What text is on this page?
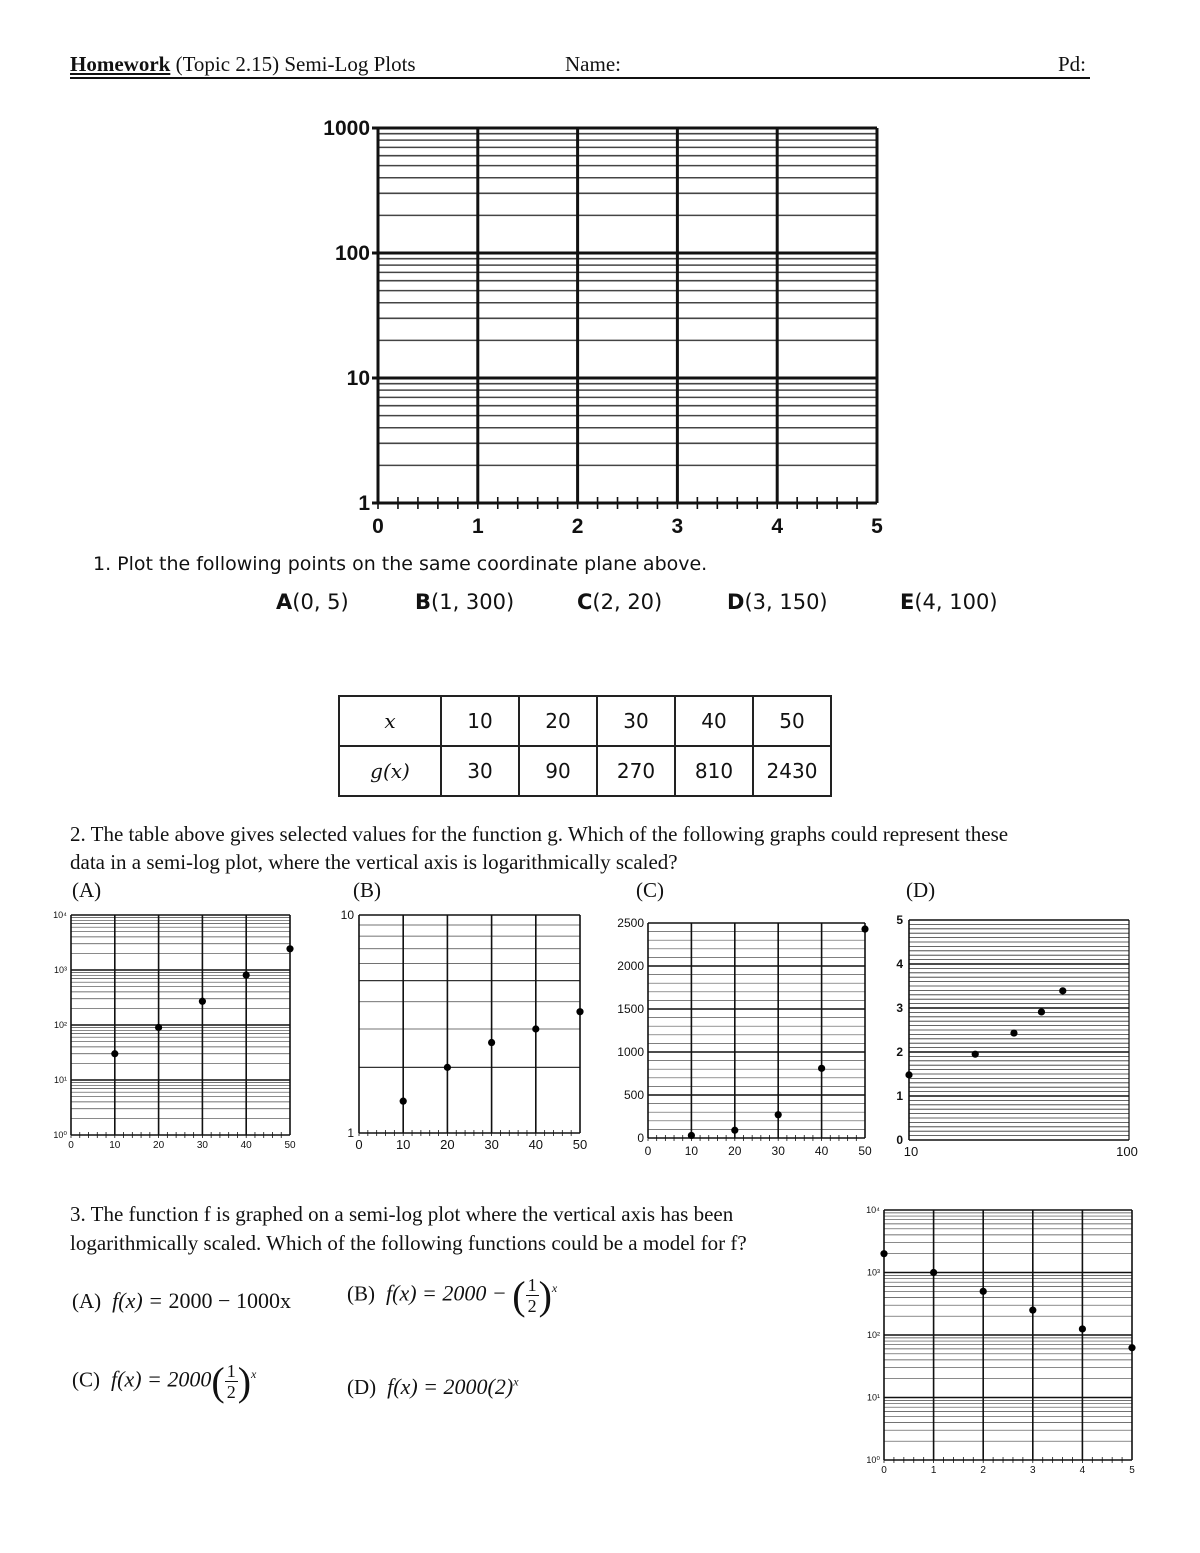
Homework (Topic 2.15) Semi-Log Plots	Name:	Pd:
0	1	2	3	4	5
1
10
100
1000
1. Plot the following points on the same coordinate plane above.
A(0, 5)	B(1, 300)	C(2, 20)	D(3, 150)	E(4, 100)
x	10	20	30	40	50
g(x)	30	90	270	810	2430
2. The table above gives selected values for the function g. Which of the following graphs could represent these
data in a semi-log plot, where the vertical axis is logarithmically scaled?
(A)	(B)	(C)	(D)
0	10	20	30	40	50
10⁰
10¹
10²
10³
10⁴
0	10 20 30 40 50
1
10
0	10	20	30	40	50
0
500
1000
1500
2000
2500
0
1
2
3
4
5
10	100
3. The function f is graphed on a semi-log plot where the vertical axis has been
logarithmically scaled. Which of the following functions could be a model for f?
(A) f(x) = 2000 − 1000x	(B) f(x) = 2000 − ( $\frac{1}{2} )^x$
(C) $f(x) = 2000( \frac{1}{2} )^x$
(D) $f(x) = 2000(2)^x$
0	1	2	3	4	5
10⁰
10¹
10²
10³
10⁴
